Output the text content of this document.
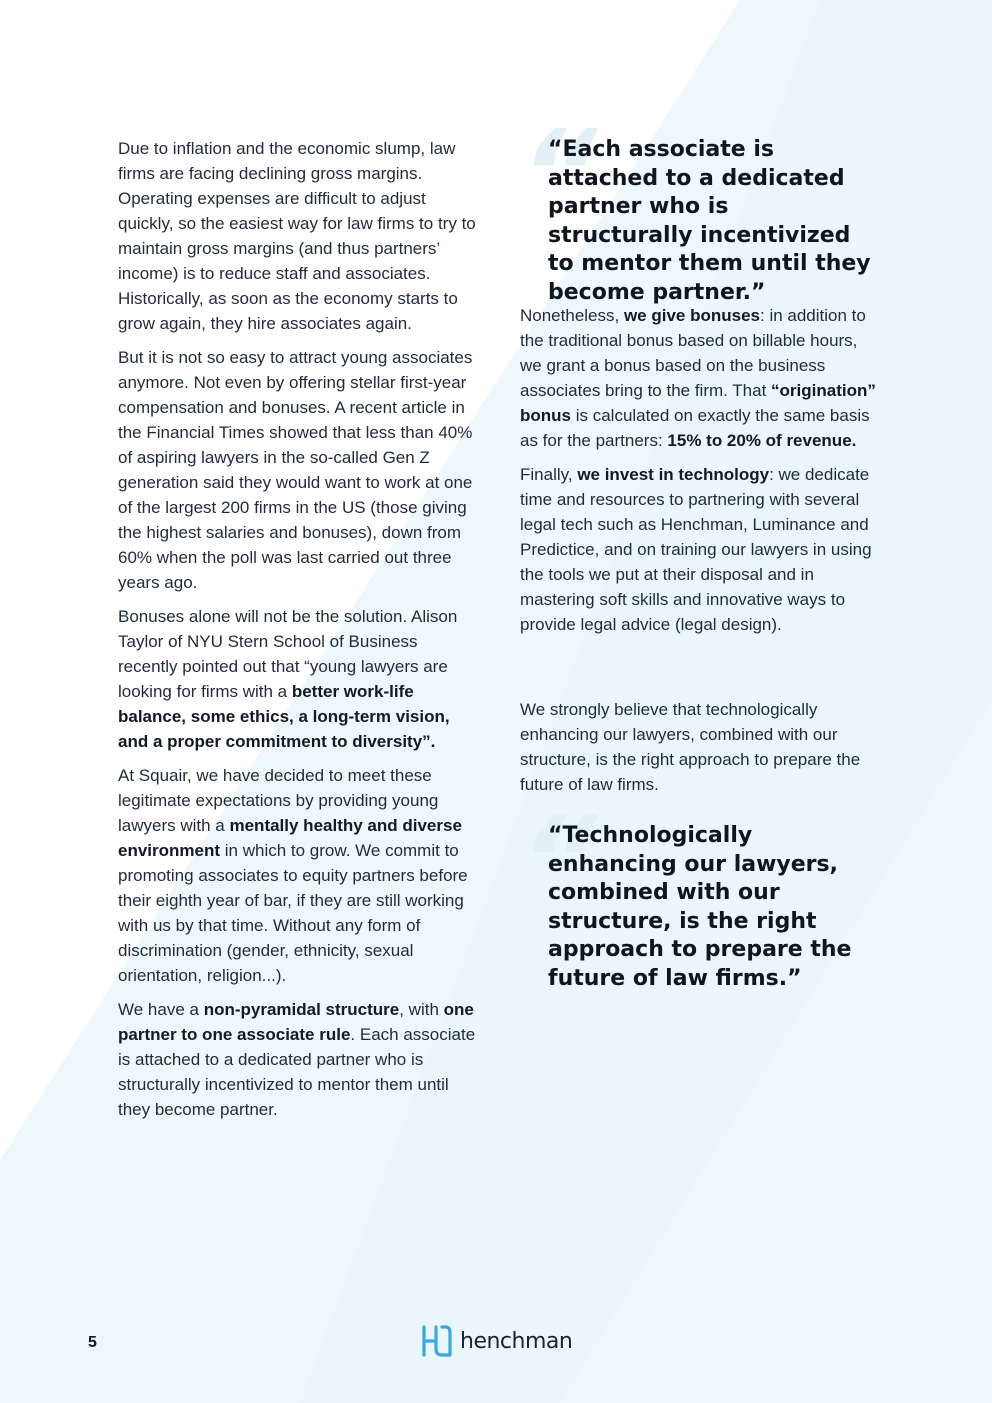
Due to inflation and the economic slump, law firms are facing declining gross margins. Operating expenses are difficult to adjust quickly, so the easiest way for law firms to try to maintain gross margins (and thus partners’ income) is to reduce staff and associates. Historically, as soon as the economy starts to grow again, they hire associates again.

But it is not so easy to attract young associates anymore. Not even by offering stellar first-year compensation and bonuses. A recent article in the Financial Times showed that less than 40% of aspiring lawyers in the so-called Gen Z generation said they would want to work at one of the largest 200 firms in the US (those giving the highest salaries and bonuses), down from 60% when the poll was last carried out three years ago.

Bonuses alone will not be the solution. Alison Taylor of NYU Stern School of Business recently pointed out that “young lawyers are looking for firms with a better work-life balance, some ethics, a long-term vision, and a proper commitment to diversity”.

At Squair, we have decided to meet these legitimate expectations by providing young lawyers with a mentally healthy and diverse environment in which to grow. We commit to promoting associates to equity partners before their eighth year of bar, if they are still working with us by that time. Without any form of discrimination (gender, ethnicity, sexual orientation, religion...).

We have a non-pyramidal structure, with one partner to one associate rule. Each associate is attached to a dedicated partner who is structurally incentivized to mentor them until they become partner.

“
“Each associate is attached to a dedicated partner who is structurally incentivized to mentor them until they become partner.”

Nonetheless, we give bonuses: in addition to the traditional bonus based on billable hours, we grant a bonus based on the business associates bring to the firm. That “origination” bonus is calculated on exactly the same basis as for the partners: 15% to 20% of revenue.

Finally, we invest in technology: we dedicate time and resources to partnering with several legal tech such as Henchman, Luminance and Predictice, and on training our lawyers in using the tools we put at their disposal and in mastering soft skills and innovative ways to provide legal advice (legal design).

We strongly believe that technologically enhancing our lawyers, combined with our structure, is the right approach to prepare the future of law firms.

“
“Technologically enhancing our lawyers, combined with our structure, is the right approach to prepare the future of law firms.”
5	henchman
